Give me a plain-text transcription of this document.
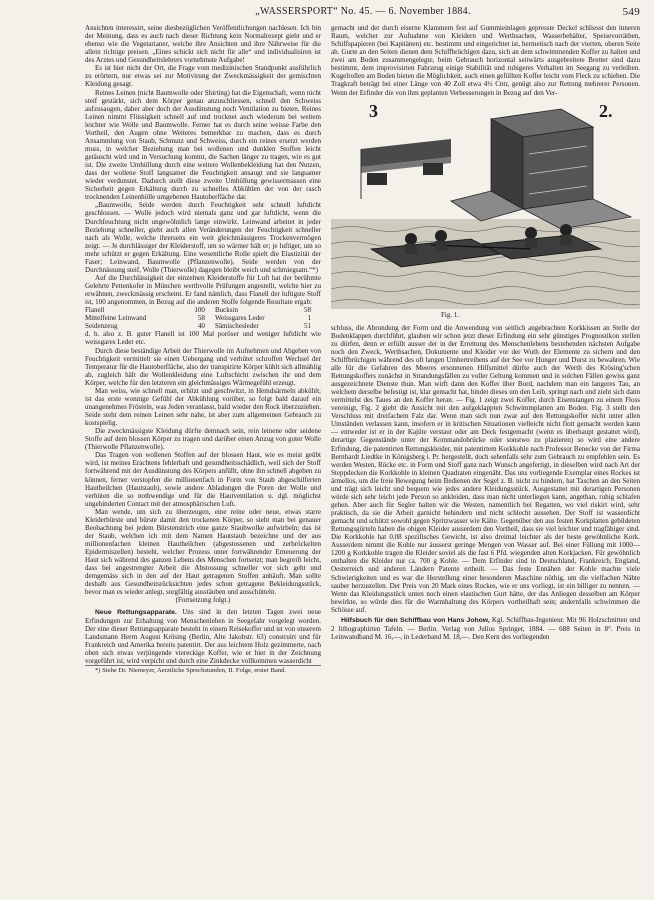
„WASSERSPORT“ No. 45. — 6. November 1884.	549

Ansichten interessirt, seine diesbezüglichen Veröffentlichungen nachlesen. Ich bin der Meinung, dass es auch nach dieser Richtung kein Normalrezept giebt und er ebenso wie die Vegetarianer, welche ihre Ansichten und ihre Nährweise für die allein richtige preisen. „Eines schickt sich nicht für alle“ und individualisiren ist des Arztes und Gesundheitslehrers vornehmste Aufgabe!

Es ist hier nicht der Ort, die Frage vom medizinischen Standpunkt ausführlich zu erörtern, nur etwas sei zur Motivirung der Zweckmässigkeit der gemischten Kleidung gesagt.

Reines Leinen (nicht Baumwolle oder Shirting) hat die Eigenschaft, wenn nicht steif gestärkt, sich dem Körper genau anzuschliessen, schnell den Schweiss aufzusaugen, daher aber doch der Ausdünstung noch Ventilation zu bieten. Reines Leinen nimmt Flüssigkeit schnell auf und trocknet auch wiederum bei weitem leichter wie Wolle und Baumwolle. Ferner hat es durch seine weisse Farbe den Vortheil, den Augen ohne Weiteres bemerkbar zu machen, dass es durch Ansammlung von Staub, Schmutz und Schweiss, durch ein reines ersetzt werden muss, in welcher Beziehung man bei wollenen und dunklen Stoffen leicht getäuscht wird und in Versuchung kommt, die Sachen länger zu tragen, wie es gut ist. Die zweite Umhüllung durch eine weitere Wollenbekleidung hat den Nutzen, dass der wollene Stoff langsamer die Feuchtigkeit ansaugt und sie langsamer wieder verdunstet. Dadurch stellt diese zweite Umhüllung gewissermassen eine Sicherheit gegen Erkältung durch zu schnelles Abkühlen der von der rasch trocknenden Leinenhülle umgebenen Hautoberfläche dar.

„Baumwolle, Seide werden durch Feuchtigkeit sehr schnell luftdicht geschlossen. — Wolle jedoch wird niemals ganz und gar luftdicht, wenn die Durchfeuchtung nicht ungewöhnlich lange einwirkt. Leinwand arbeitet in jeder Beziehung schneller, giebt auch allen Veränderungen der Feuchtigkeit schneller nach als Wolle, welche ihrerseits ein weit gleichmässigeres Trockenvermögen zeigt. — Je durchlässiger der Kleiderstoff, um so wärmer hält er; je luftiger, um so mehr schützt er gegen Erkältung. Eine wesentliche Rolle spielt die Elastizität der Faser; Leinwand, Baumwolle (Pflanzenwolle), Seide werden von der Durchnässung steif, Wolle (Thierwolle) dagegen bleibt weich und schmiegsam.“*)

Auf die Durchlässigkeit der einzelnen Kleiderstoffe für Luft hat der berühmte Gelehrte Pettenkofer in München werthvolle Prüfungen angestellt, welche hier zu erwähnen, zweckmässig erscheint. Er fand nämlich, dass Flanell der luftigste Stoff ist, 100 angenommen, in Bezug auf die anderen Stoffe folgende Resultate ergab:

Flanell	100	Bucksin	58
Mittelfeine Leinwand	58	Weissgares Leder	1
Seidenzeug	40	Sämischesleder	51

d. h. also z. B. guter Flanell ist 100 Mal poröser und weniger luftdicht wie weissgares Leder etc.

Durch diese beständige Arbeit der Thierwolle im Aufnehmen und Abgeben von Feuchtigkeit vermittelt sie einen Uebergang und verhütet schroffen Wechsel der Temperatur für die Hautoberfläche, also der transpirirte Körper kühlt sich allmählig ab, zugleich hält die Wollenkleidung eine Luftschicht zwischen ihr und dem Körper, welche für den letzteren ein gleichmässiges Wärmegefühl erzeugt.

Man weiss, wie schnell man, erhitzt und geschwitzt, in Hemdsärmeln abkühlt; ist das erste wonnige Gefühl der Abkühlung vorüber, so folgt bald darauf ein unangenehmes Frösteln, was Jeden veranlasst, bald wieder den Rock überzuziehen. Seide steht dem reinen Leinen sehr nahe, ist aber zum allgemeinen Gebrauch zu kostspielig.

Die zweckmässigste Kleidung dürfte demnach sein, rein leinene oder seidene Stoffe auf dem blossen Körper zu tragen und darüber einen Anzug von guter Wolle (Thierwolle Pflanzenwolle).

Das Tragen von wollenen Stoffen auf der blossen Haut, wie es meist geübt wird, ist meines Erachtens fehlerhaft und gesundheitsschädlich, weil sich der Stoff fortwährend mit der Ausdünstung des Körpers anfüllt, ohne ihn schnell abgeben zu können, ferner verstopfen die millionenfach in Form von Staub abgeschilferten Hautbeilchen (Hautstaub), sowie andere Abladungen die Poren der Wolle und verhüten die so nothwendige und für die Hautventilation u. dgl. möglichst ungehinderten Contact mit der atmosphärischen Luft.

Man wende, um sich zu überzeugen, eine reine oder neue, etwas starre Kleiderbürste und bürste damit den trockenen Körper, so sieht man bei genauer Beobachtung bei jedem Bürstenstrich eine ganze Staubwolke aufwirbeln; das ist der Staub, welchen ich mit dem Namen Hautstaub bezeichne und der aus millionenfachen kleinen Hautheilchen (abgestossenen und zerbröckelten Epidermiszellen) besteht, welcher Prozess unter fortwährender Erneuerung der Haut sich während des ganzen Lebens des Menschen fortsetzt; man begreift leicht, dass bei angestrengter Arbeit die Abstossung schneller vor sich geht und demgemäss sich in den auf der Haut getragenen Stoffen anhäuft. Man sollte deshalb aus Gesundheitsrücksichten jedes schon getragene Bekleidungsstück, bevor man es wieder anlegt, sorgfältig ausstäuben und ausschütteln.

(Fortsetzung folgt.)

Neue Rettungsapparate. Uns sind in den letzten Tagen zwei neue Erfindungen zur Erhaltung von Menschenleben in Seegefahr vorgelegt worden. Der eine dieser Rettungsapparate besteht in einem Reisekoffer und ist von unserem Landsmann Herrn August Krösing (Berlin, Alte Jakobstr. 63) construirt und für Frankreich und Amerika bereits patentirt. Der aus leichtem Holz gezimmerte, nach oben sich etwas verjüngende viereckige Koffer, wie er hier in der Zeichnung vorgeführt ist, wird verpicht und durch eine Zinkdecke vollkommen wasserdicht

*) Siehe Dr. Niemeyer, Aerztliche Sprechstunden, II. Folge, erster Band.

gemacht und der durch eiserne Klammern fest auf Gummieinlagen gepresste Deckel schliesst den inneren Raum, welcher zur Aufnahme von Kleidern und Werthsachen, Wasserbehälter, Speisevorräthen, Schiffspapieren (bei Kapitänen) etc. bestimmt und eingerichtet ist, hermetisch nach der vierten, oberen Seite ab. Gurte an den Seiten dienen dem Schiffbrüchigen dazu, sich an dem schwimmenden Koffer zu halten und zwei am Boden zusammengelegte, beim Gebrauch horizontal seitwärts ausgebreitete Bretter sind dazu bestimmt, dem improvisirten Fahrzeug einige Stabilität und ruhigeres Verhalten im Seegang zu verleihen. Kugelrollen am Boden bieten die Möglichkeit, auch einen gefüllten Koffer leicht vom Fleck zu schieben. Die Tragkraft beträgt bei einer Länge von 40 Zoll etwa 4½ Cntr, genügt also zur Rettung mehrerer Personen. Wenn der Erfinder die von ihm geplanten Verbesserungen in Bezug auf den Ver-

3	2.
Fig. 1.

schluss, die Abrundung der Form und die Anwendung von seitlich angebrachten Korkkissen an Stelle der Bodenklappen durchführt, glauben wir schon jetzt dieser Erfindung ein sehr günstiges Prognostikon stellen zu dürfen, denn er erfüllt ausser der in der Errettung des Menschenlebens bestehenden nächsten Aufgabe noch den Zweck, Werthsachen, Dokumente und Kleider vor der Wuth der Elemente zu sichern und den Schiffbrüchigen während des oft langen Umhertreibens auf der See vor Hunger und Durst zu bewahren. Wie alle für die Gefahren des Meeres ersonnenen Hilfsmittel dürfte auch der Werth des Krösing'schen Rettungskoffers zunächst in Strandungsfällen zu voller Geltung kommen und in solchen Fällen gewiss ganz ausgezeichnete Dienste thun. Man wirft dann den Koffer über Bord, nachdem man ein langeres Tau, an welchem derselbe befestigt ist, klar gemacht hat, bindet dieses um den Leib, springt nach und zieht sich dann vermittelst des Taues an den Koffer heran. — Fig. 1 zeigt zwei Koffer, durch Eisenstangen zu einem Floss vereinigt, Fig. 2 giebt die Ansicht mit den aufgeklappten Schwimmplatten am Boden. Fig. 3 stellt den Verschluss mit dreifachem Falz dar. Wenn man sich nun zwar auf den Rettungskoffer nicht unter allen Umständen verlassen kann, insofern er in kritischen Situationen vielleicht nicht flott gemacht werden kann — entweder ist er in der Kajüte verstaut oder am Deck festgemacht (wenn es überhaupt gestattet wird), derartige Gegenstände unter der Kommandobrücke oder sonstwo zu plazieren) so wird eine andere Erfindung, die patentirten Rettungskleider, mit patentirtem Korkkohle nach Professor Benecke von der Firma Bernhardt Liedtke in Königsberg i. Pr. hergestellt, doch sehenfalls sehr zum Gebrauch zu empfehlen sein. Es werden Westen, Röcke etc. in Form und Stoff ganz nach Wunsch angefertigt, in dieselben wird nach Art der Steppdecken die Korkkohle in kleinen Quadraten eingenäht. Das uns vorliegende Exemplar eines Rockes ist ärmellos, um die freie Bewegung beim Bedienen der Segel z. B. nicht zu hindern, hat Taschen an den Seiten und trägt sich leicht und bequem wie jedes andere Kleidungsstück. Ausgestattet mit derartigen Personen würde sich sehr leicht jede Person so ankleiden, dass man nicht unterliegen kann, angethan, ruhig schlafen gehen. Aber auch für Segler halten wir die Westen, namentlich bei Regatten, wo viel riskirt wird, sehr praktisch, da sie die Arbeit garnicht behindern und nicht schlecht aussehen. Der Stoff ist wasserdicht gemacht und schützt sowohl gegen Spritzwasser wie Kälte. Gegenüber den aus festen Korkplatten gebildeten Rettungsgürteln haben die obigen Kleider ausserdem den Vortheil, dass sie viel leichter und tragfähiger sind. Die Korkkohle hat 0,08 spezifisches Gewicht, ist also dreimal leichter als der beste gewöhnliche Kork. Ausserdem nimmt die Kohle nur äusserst geringe Mengen von Wasser auf. Bei einer Füllung mit 1000—1200 g Korkkohle tragen die Kleider soviel als die fast 6 Pfd. wiegenden alten Korkjacken. Für gewöhnlich enthalten die Kleider nur ca. 700 g Kohle. — Dem Erfinder sind in Deutschland, Frankreich, England, Oesterreich und anderen Ländern Patente ertheilt. — Das feste Ennähen der Kohle machte viele Schwierigkeiten und es war die Herstellung einer besonderen Maschine nöthig, um die vielfachen Nähte sauber herzustellen. Der Preis von 20 Mark eines Rockes, wie er uns vorliegt, ist ein billiger zu nennen. — Wenn das Kleidungsstück unten noch einen elastischen Gurt hätte, der das Anliegen desselben am Körper bewirkte, so würde dies für die Warmhaltung des Körpers vortheilhaft sein; andernfalls schwimmen die Schösse auf.

Hilfsbuch für den Schiffbau von Hans Johow, Kgl. Schiffbau-Ingenieur. Mit 96 Holzschnitten und 2 lithographirten Tafeln. — Berlin. Verlag von Julius Springer, 1884. — 688 Seiten in 8°. Preis in Leinwandband M. 16,—, in Lederband M. 18,—. Den Kern des vorliegenden
